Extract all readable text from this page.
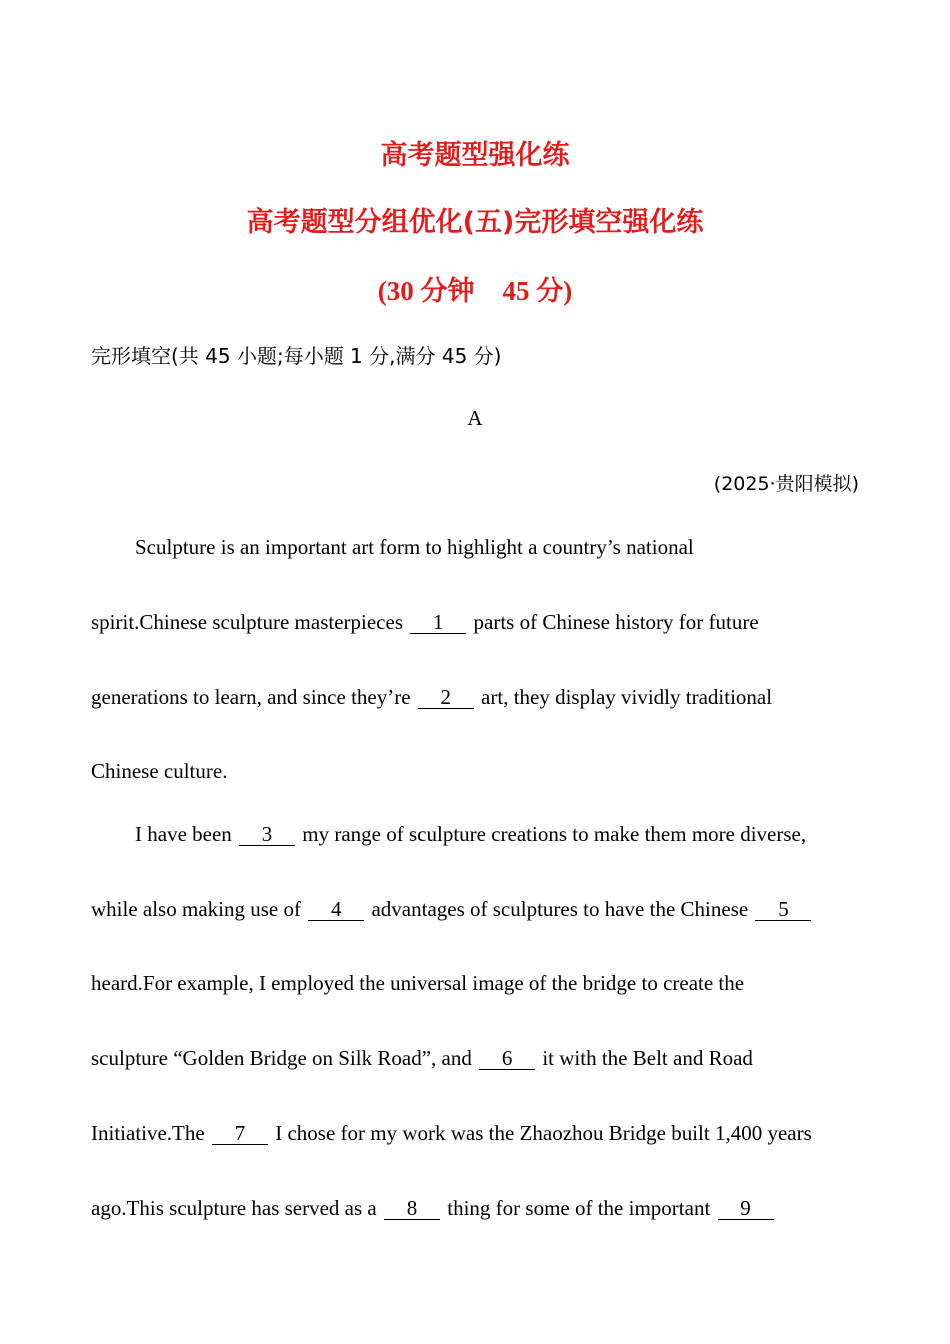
高考题型强化练
高考题型分组优化(五)完形填空强化练
(30 分钟 45 分)
完形填空(共 45 小题;每小题 1 分,满分 45 分)
A
(2025·贵阳模拟)
Sculpture is an important art form to highlight a country’s national
spirit.Chinese sculpture masterpieces 1 parts of Chinese history for future
generations to learn, and since they’re 2 art, they display vividly traditional
Chinese culture.
I have been 3 my range of sculpture creations to make them more diverse,
while also making use of 4 advantages of sculptures to have the Chinese 5
heard.For example, I employed the universal image of the bridge to create the
sculpture “Golden Bridge on Silk Road”, and 6 it with the Belt and Road
Initiative.The 7 I chose for my work was the Zhaozhou Bridge built 1,400 years
ago.This sculpture has served as a 8 thing for some of the important 9
